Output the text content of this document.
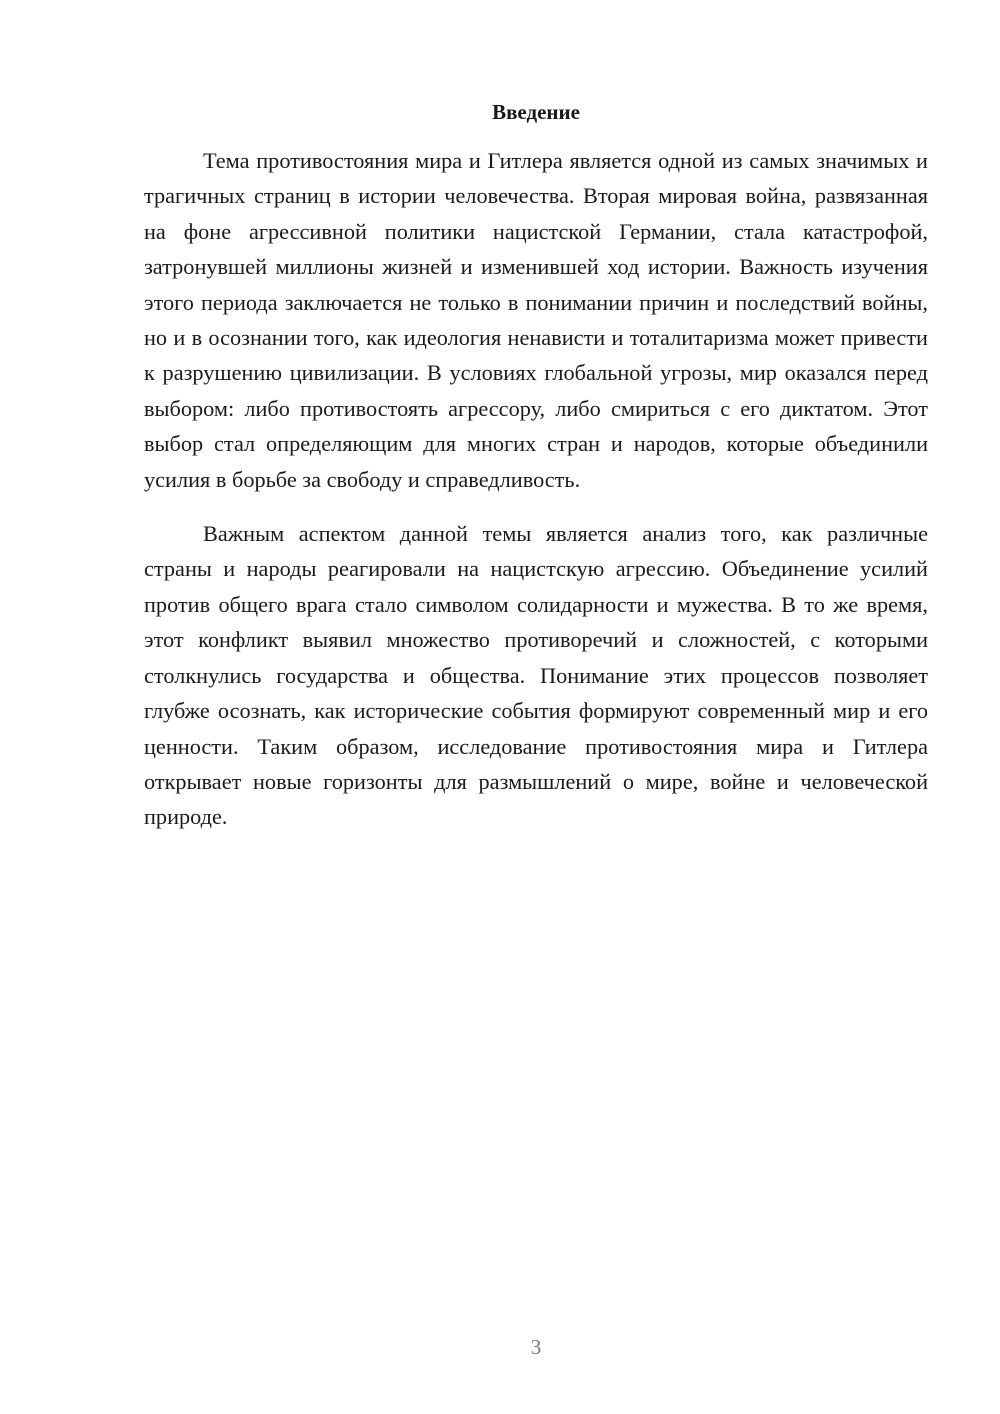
Введение

Тема противостояния мира и Гитлера является одной из самых значимых и трагичных страниц в истории человечества. Вторая мировая война, развязанная на фоне агрессивной политики нацистской Германии, стала катастрофой, затронувшей миллионы жизней и изменившей ход истории. Важность изучения этого периода заключается не только в понимании причин и последствий войны, но и в осознании того, как идеология ненависти и тоталитаризма может привести к разрушению цивилизации. В условиях глобальной угрозы, мир оказался перед выбором: либо противостоять агрессору, либо смириться с его диктатом. Этот выбор стал определяющим для многих стран и народов, которые объединили усилия в борьбе за свободу и справедливость.

Важным аспектом данной темы является анализ того, как различные страны и народы реагировали на нацистскую агрессию. Объединение усилий против общего врага стало символом солидарности и мужества. В то же время, этот конфликт выявил множество противоречий и сложностей, с которыми столкнулись государства и общества. Понимание этих процессов позволяет глубже осознать, как исторические события формируют современный мир и его ценности. Таким образом, исследование противостояния мира и Гитлера открывает новые горизонты для размышлений о мире, войне и человеческой природе.

3
